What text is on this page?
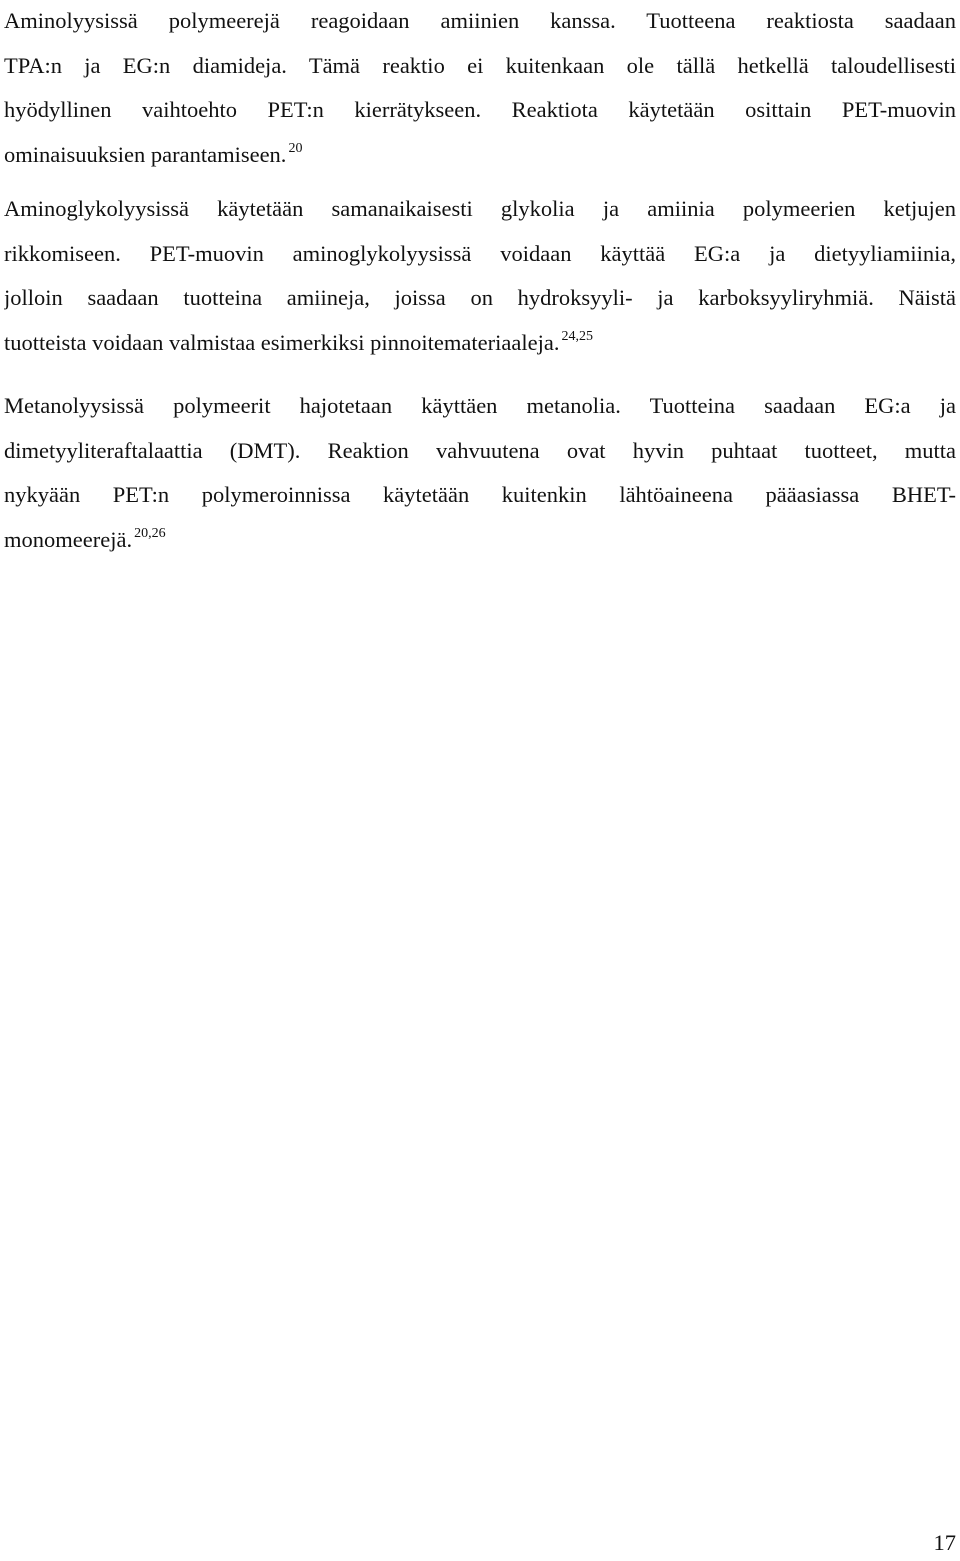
Aminolyysissä polymeerejä reagoidaan amiinien kanssa. Tuotteena reaktiosta saadaan
TPA:n ja EG:n diamideja. Tämä reaktio ei kuitenkaan ole tällä hetkellä taloudellisesti
hyödyllinen vaihtoehto PET:n kierrätykseen. Reaktiota käytetään osittain PET-muovin
ominaisuuksien parantamiseen. $^{20}$

Aminoglykolyysissä käytetään samanaikaisesti glykolia ja amiinia polymeerien ketjujen
rikkomiseen. PET-muovin aminoglykolyysissä voidaan käyttää EG:a ja dietyyliamiinia,
jolloin saadaan tuotteina amiineja, joissa on hydroksyyli- ja karboksyyliryhmiä. Näistä
tuotteista voidaan valmistaa esimerkiksi pinnoitemateriaaleja. $^{24,25}$

Metanolyysissä polymeerit hajotetaan käyttäen metanolia. Tuotteina saadaan EG:a ja
dimetyyliteraftalaattia (DMT). Reaktion vahvuutena ovat hyvin puhtaat tuotteet, mutta
nykyään PET:n polymeroinnissa käytetään kuitenkin lähtöaineena pääasiassa BHET-
monomeerejä. $^{20,26}$

17
